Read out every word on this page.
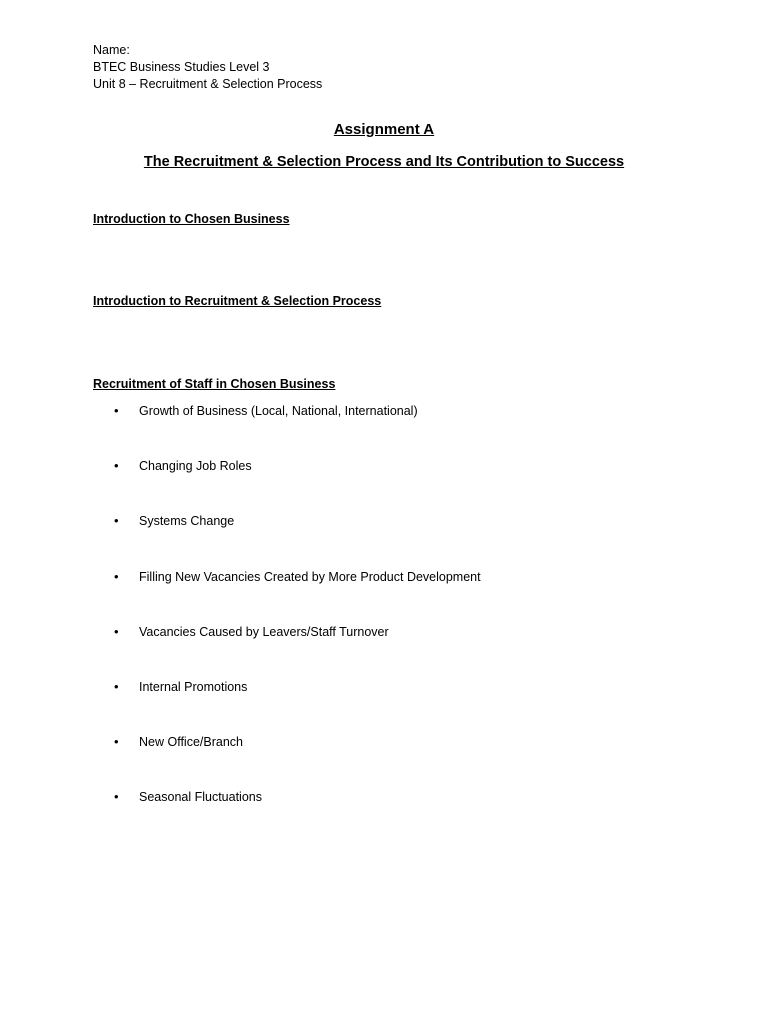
Name:
BTEC Business Studies Level 3
Unit 8 – Recruitment & Selection Process
Assignment A
The Recruitment & Selection Process and Its Contribution to Success
Introduction to Chosen Business
Introduction to Recruitment & Selection Process
Recruitment of Staff in Chosen Business
• Growth of Business (Local, National, International)
• Changing Job Roles
• Systems Change
• Filling New Vacancies Created by More Product Development
• Vacancies Caused by Leavers/Staff Turnover
• Internal Promotions
• New Office/Branch
• Seasonal Fluctuations
